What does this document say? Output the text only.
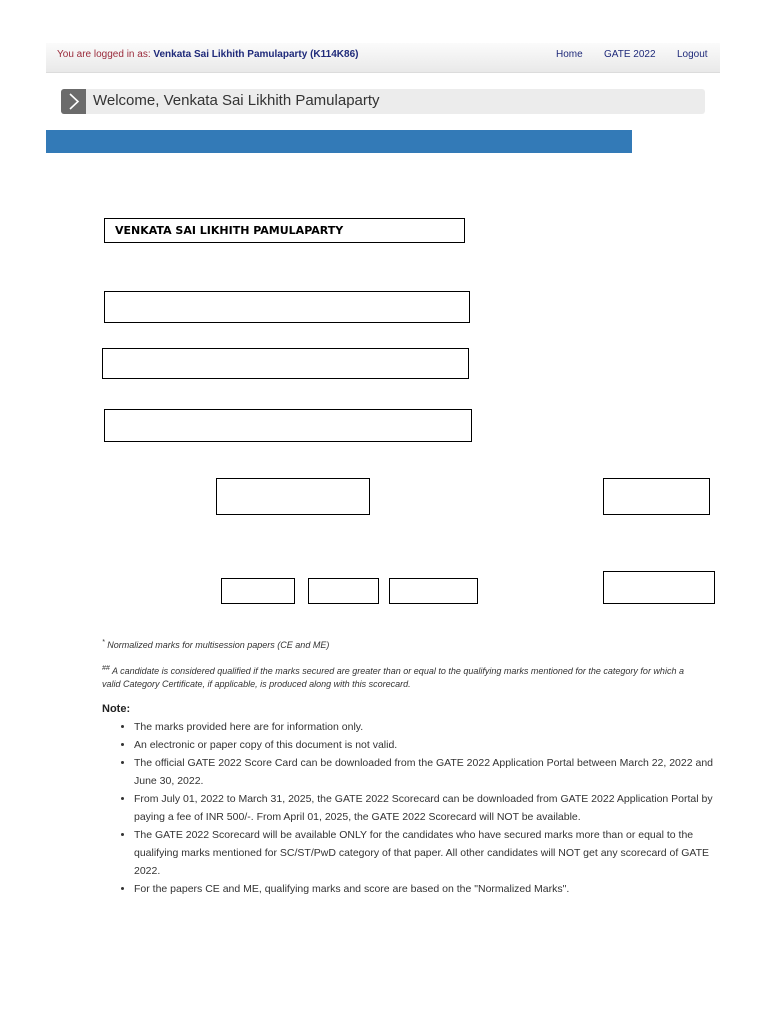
You are logged in as: Venkata Sai Likhith Pamulaparty (K114K86)	Home GATE 2022 Logout
Welcome, Venkata Sai Likhith Pamulaparty
VENKATA SAI LIKHITH PAMULAPARTY
* Normalized marks for multisession papers (CE and ME)
## A candidate is considered qualified if the marks secured are greater than or equal to the qualifying marks mentioned for the category for which a valid Category Certificate, if applicable, is produced along with this scorecard.
Note:
• The marks provided here are for information only.
• An electronic or paper copy of this document is not valid.
• The official GATE 2022 Score Card can be downloaded from the GATE 2022 Application Portal between March 22, 2022 and June 30, 2022.
• From July 01, 2022 to March 31, 2025, the GATE 2022 Scorecard can be downloaded from GATE 2022 Application Portal by paying a fee of INR 500/-. From April 01, 2025, the GATE 2022 Scorecard will NOT be available.
• The GATE 2022 Scorecard will be available ONLY for the candidates who have secured marks more than or equal to the qualifying marks mentioned for SC/ST/PwD category of that paper. All other candidates will NOT get any scorecard of GATE 2022.
• For the papers CE and ME, qualifying marks and score are based on the "Normalized Marks".
